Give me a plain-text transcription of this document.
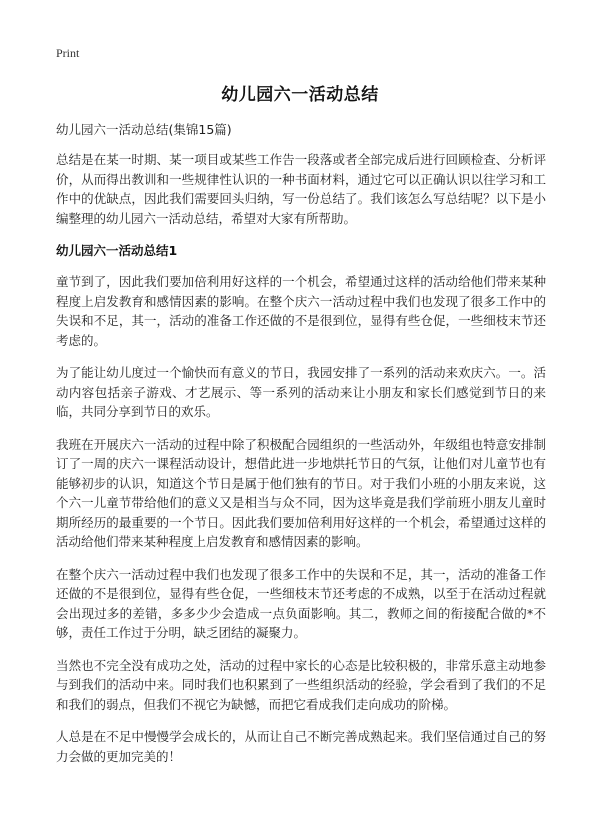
Print
幼儿园六一活动总结

幼儿园六一活动总结(集锦15篇)

总结是在某一时期、某一项目或某些工作告一段落或者全部完成后进行回顾检查、分析评价，从而得出教训和一些规律性认识的一种书面材料，通过它可以正确认识以往学习和工作中的优缺点，因此我们需要回头归纳，写一份总结了。我们该怎么写总结呢？以下是小编整理的幼儿园六一活动总结，希望对大家有所帮助。

幼儿园六一活动总结1

童节到了，因此我们要加倍利用好这样的一个机会，希望通过这样的活动给他们带来某种程度上启发教育和感情因素的影响。在整个庆六一活动过程中我们也发现了很多工作中的失误和不足，其一，活动的准备工作还做的不是很到位，显得有些仓促，一些细枝末节还考虑的。

为了能让幼儿度过一个愉快而有意义的节日，我园安排了一系列的活动来欢庆六。一。活动内容包括亲子游戏、才艺展示、等一系列的活动来让小朋友和家长们感觉到节日的来临，共同分享到节日的欢乐。

我班在开展庆六一活动的过程中除了积极配合园组织的一些活动外，年级组也特意安排制订了一周的庆六一课程活动设计，想借此进一步地烘托节日的气氛，让他们对儿童节也有能够初步的认识，知道这个节日是属于他们独有的节日。对于我们小班的小朋友来说，这个六一儿童节带给他们的意义又是相当与众不同，因为这毕竟是我们学前班小朋友儿童时期所经历的最重要的一个节日。因此我们要加倍利用好这样的一个机会，希望通过这样的活动给他们带来某种程度上启发教育和感情因素的影响。

在整个庆六一活动过程中我们也发现了很多工作中的失误和不足，其一，活动的准备工作还做的不是很到位，显得有些仓促，一些细枝末节还考虑的不成熟，以至于在活动过程就会出现过多的差错，多多少少会造成一点负面影响。其二，教师之间的衔接配合做的*不够，责任工作过于分明，缺乏团结的凝聚力。

当然也不完全没有成功之处，活动的过程中家长的心态是比较积极的，非常乐意主动地参与到我们的活动中来。同时我们也积累到了一些组织活动的经验，学会看到了我们的不足和我们的弱点，但我们不视它为缺憾，而把它看成我们走向成功的阶梯。

人总是在不足中慢慢学会成长的，从而让自己不断完善成熟起来。我们坚信通过自己的努力会做的更加完美的！
